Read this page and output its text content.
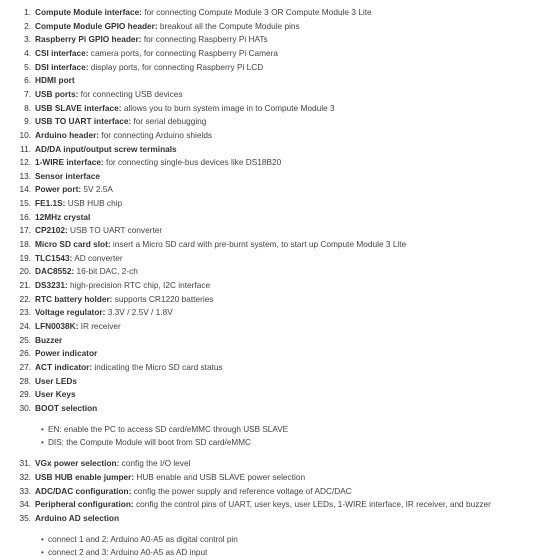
1. Compute Module interface: for connecting Compute Module 3 OR Compute Module 3 Lite
2. Compute Module GPIO header: breakout all the Compute Module pins
3. Raspberry Pi GPIO header: for connecting Raspberry Pi HATs
4. CSI interface: camera ports, for connecting Raspberry Pi Camera
5. DSI interface: display ports, for connecting Raspberry Pi LCD
6. HDMI port
7. USB ports: for connecting USB devices
8. USB SLAVE interface: allows you to burn system image in to Compute Module 3
9. USB TO UART interface: for serial debugging
10. Arduino header: for connecting Arduino shields
11. AD/DA input/output screw terminals
12. 1-WIRE interface: for connecting single-bus devices like DS18B20
13. Sensor interface
14. Power port: 5V 2.5A
15. FE1.1S: USB HUB chip
16. 12MHz crystal
17. CP2102: USB TO UART converter
18. Micro SD card slot: insert a Micro SD card with pre-burnt system, to start up Compute Module 3 Lite
19. TLC1543: AD converter
20. DAC8552: 16-bit DAC, 2-ch
21. DS3231: high-precision RTC chip, I2C interface
22. RTC battery holder: supports CR1220 batteries
23. Voltage regulator: 3.3V / 2.5V / 1.8V
24. LFN0038K: IR receiver
25. Buzzer
26. Power indicator
27. ACT indicator: indicating the Micro SD card status
28. User LEDs
29. User Keys
30. BOOT selection
• EN: enable the PC to access SD card/eMMC through USB SLAVE
• DIS: the Compute Module will boot from SD card/eMMC
31. VGx power selection: config the I/O level
32. USB HUB enable jumper: HUB enable and USB SLAVE power selection
33. ADC/DAC configuration: config the power supply and reference voltage of ADC/DAC
34. Peripheral configuration: config the control pins of UART, user keys, user LEDs, 1-WIRE interface, IR receiver, and buzzer
35. Arduino AD selection
• connect 1 and 2: Arduino A0-A5 as digital control pin
• connect 2 and 3: Arduino A0-A5 as AD input
